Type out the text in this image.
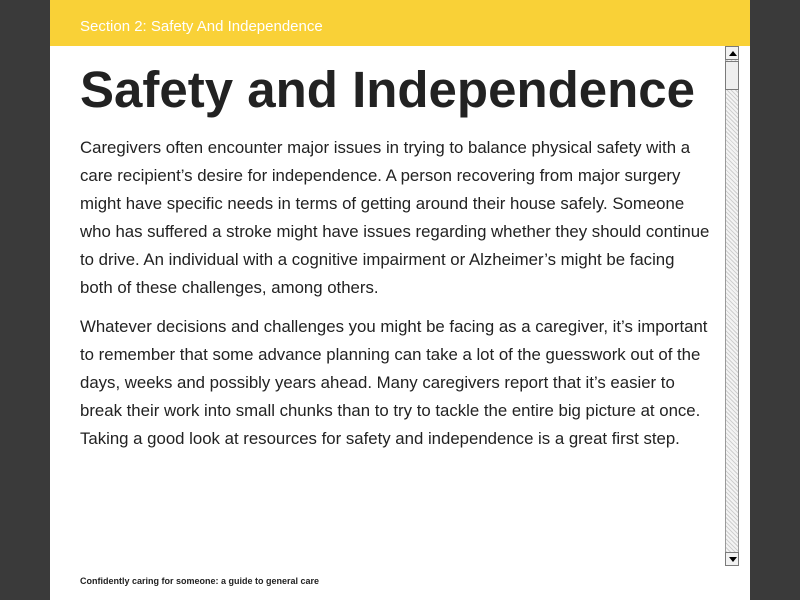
Section 2: Safety And Independence
Safety and Independence

Caregivers often encounter major issues in trying to balance physical safety with a care recipient’s desire for independence. A person recovering from major surgery might have specific needs in terms of getting around their house safely. Someone who has suffered a stroke might have issues regarding whether they should continue to drive. An individual with a cognitive impairment or Alzheimer’s might be facing both of these challenges, among others.

Whatever decisions and challenges you might be facing as a caregiver, it’s important to remember that some advance planning can take a lot of the guesswork out of the days, weeks and possibly years ahead. Many caregivers report that it’s easier to break their work into small chunks than to try to tackle the entire big picture at once. Taking a good look at resources for safety and independence is a great first step.

Confidently caring for someone: a guide to general care
